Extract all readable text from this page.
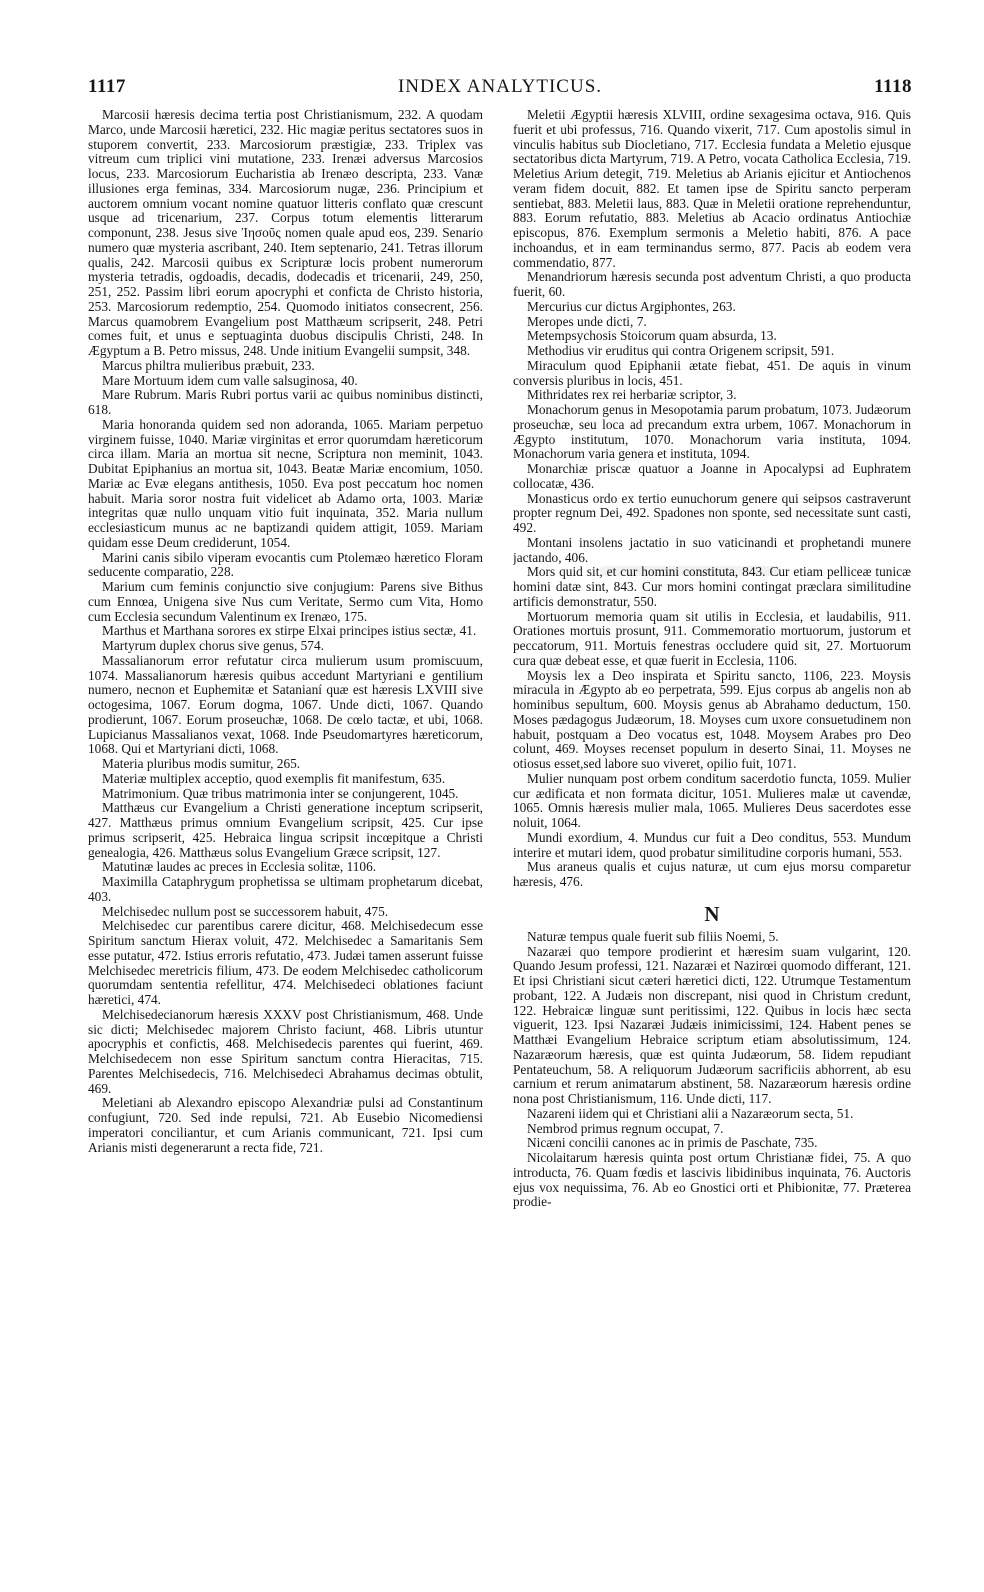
1117	INDEX ANALYTICUS.	1118

Marcosii hæresis decima tertia post Christianismum, 232. A quodam Marco, unde Marcosii hæretici, 232. Hic magiæ peritus sectatores suos in stuporem convertit, 233. Marcosiorum præstigiæ, 233. Triplex vas vitreum cum triplici vini mutatione, 233. Irenæi adversus Marcosios locus, 233. Marcosiorum Eucharistia ab Irenæo descripta, 233. Vanæ illusiones erga feminas, 334. Marcosiorum nugæ, 236. Principium et auctorem omnium vocant nomine quatuor litteris conflato quæ crescunt usque ad tricenarium, 237. Corpus totum elementis litterarum componunt, 238. Jesus sive Ἰησοῦς nomen quale apud eos, 239. Senario numero quæ mysteria ascribant, 240. Item septenario, 241. Tetras illorum qualis, 242. Marcosii quibus ex Scripturæ locis probent numerorum mysteria tetradis, ogdoadis, decadis, dodecadis et tricenarii, 249, 250, 251, 252. Passim libri eorum apocryphi et conficta de Christo historia, 253. Marcosiorum redemptio, 254. Quomodo initiatos consecrent, 256. Marcus quamobrem Evangelium post Matthæum scripserit, 248. Petri comes fuit, et unus e septuaginta duobus discipulis Christi, 248. In Ægyptum a B. Petro missus, 248. Unde initium Evangelii sumpsit, 348.

Marcus philtra mulieribus præbuit, 233.

Mare Mortuum idem cum valle salsuginosa, 40.

Mare Rubrum. Maris Rubri portus varii ac quibus nominibus distincti, 618.

Maria honoranda quidem sed non adoranda, 1065. Mariam perpetuo virginem fuisse, 1040. Mariæ virginitas et error quorumdam hæreticorum circa illam. Maria an mortua sit necne, Scriptura non meminit, 1043. Dubitat Epiphanius an mortua sit, 1043. Beatæ Mariæ encomium, 1050. Mariæ ac Evæ elegans antithesis, 1050. Eva post peccatum hoc nomen habuit. Maria soror nostra fuit videlicet ab Adamo orta, 1003. Mariæ integritas quæ nullo unquam vitio fuit inquinata, 352. Maria nullum ecclesiasticum munus ac ne baptizandi quidem attigit, 1059. Mariam quidam esse Deum crediderunt, 1054.

Marini canis sibilo viperam evocantis cum Ptolemæo hæretico Floram seducente comparatio, 228.

Marium cum feminis conjunctio sive conjugium: Parens sive Bithus cum Ennœa, Unigena sive Nus cum Veritate, Sermo cum Vita, Homo cum Ecclesia secundum Valentinum ex Irenæo, 175.

Marthus et Marthana sorores ex stirpe Elxai principes istius sectæ, 41.

Martyrum duplex chorus sive genus, 574.

Massalianorum error refutatur circa mulierum usum promiscuum, 1074. Massalianorum hæresis quibus accedunt Martyriani e gentilium numero, necnon et Euphemitæ et Satanianí quæ est hæresis LXVIII sive octogesima, 1067. Eorum dogma, 1067. Unde dicti, 1067. Quando prodierunt, 1067. Eorum proseuchæ, 1068. De cœlo tactæ, et ubi, 1068. Lupicianus Massalianos vexat, 1068. Inde Pseudomartyres hæreticorum, 1068. Qui et Martyriani dicti, 1068.

Materia pluribus modis sumitur, 265.

Materiæ multiplex acceptio, quod exemplis fit manifestum, 635.

Matrimonium. Quæ tribus matrimonia inter se conjungerent, 1045.

Matthæus cur Evangelium a Christi generatione inceptum scripserit, 427. Matthæus primus omnium Evangelium scripsit, 425. Cur ipse primus scripserit, 425. Hebraica lingua scripsit incœpitque a Christi genealogia, 426. Matthæus solus Evangelium Græce scripsit, 127.

Matutinæ laudes ac preces in Ecclesia solitæ, 1106.

Maximilla Cataphrygum prophetissa se ultimam prophetarum dicebat, 403.

Melchisedec nullum post se successorem habuit, 475.

Melchisedec cur parentibus carere dicitur, 468. Melchisedecum esse Spiritum sanctum Hierax voluit, 472. Melchisedec a Samaritanis Sem esse putatur, 472. Istius erroris refutatio, 473. Judæi tamen asserunt fuisse Melchisedec meretricis filium, 473. De eodem Melchisedec catholicorum quorumdam sententia refellitur, 474. Melchisedeci oblationes faciunt hæretici, 474.

Melchisedecianorum hæresis XXXV post Christianismum, 468. Unde sic dicti; Melchisedec majorem Christo faciunt, 468. Libris utuntur apocryphis et confictis, 468. Melchisedecis parentes qui fuerint, 469. Melchisedecem non esse Spiritum sanctum contra Hieracitas, 715. Parentes Melchisedecis, 716. Melchisedeci Abrahamus decimas obtulit, 469.

Meletiani ab Alexandro episcopo Alexandriæ pulsi ad Constantinum confugiunt, 720. Sed inde repulsi, 721. Ab Eusebio Nicomediensi imperatori conciliantur, et cum Arianis communicant, 721. Ipsi cum Arianis misti degenerarunt a recta fide, 721.

Meletii Ægyptii hæresis XLVIII, ordine sexagesima octava, 916. Quis fuerit et ubi professus, 716. Quando vixerit, 717. Cum apostolis simul in vinculis habitus sub Diocletiano, 717. Ecclesia fundata a Meletio ejusque sectatoribus dicta Martyrum, 719. A Petro, vocata Catholica Ecclesia, 719. Meletius Arium detegit, 719. Meletius ab Arianis ejicitur et Antiochenos veram fidem docuit, 882. Et tamen ipse de Spiritu sancto perperam sentiebat, 883. Meletii laus, 883. Quæ in Meletii oratione reprehenduntur, 883. Eorum refutatio, 883. Meletius ab Acacio ordinatus Antiochiæ episcopus, 876. Exemplum sermonis a Meletio habiti, 876. A pace inchoandus, et in eam terminandus sermo, 877. Pacis ab eodem vera commendatio, 877.

Menandriorum hæresis secunda post adventum Christi, a quo producta fuerit, 60.

Mercurius cur dictus Argiphontes, 263.

Meropes unde dicti, 7.

Metempsychosis Stoicorum quam absurda, 13.

Methodius vir eruditus qui contra Origenem scripsit, 591.

Miraculum quod Epiphanii ætate fiebat, 451. De aquis in vinum conversis pluribus in locis, 451.

Mithridates rex rei herbariæ scriptor, 3.

Monachorum genus in Mesopotamia parum probatum, 1073. Judæorum proseuchæ, seu loca ad precandum extra urbem, 1067. Monachorum in Ægypto institutum, 1070. Monachorum varia instituta, 1094. Monachorum varia genera et instituta, 1094.

Monarchiæ priscæ quatuor a Joanne in Apocalypsi ad Euphratem collocatæ, 436.

Monasticus ordo ex tertio eunuchorum genere qui seipsos castraverunt propter regnum Dei, 492. Spadones non sponte, sed necessitate sunt casti, 492.

Montani insolens jactatio in suo vaticinandi et prophetandi munere jactando, 406.

Mors quid sit, et cur homini constituta, 843. Cur etiam pelliceæ tunicæ homini datæ sint, 843. Cur mors homini contingat præclara similitudine artificis demonstratur, 550.

Mortuorum memoria quam sit utilis in Ecclesia, et laudabilis, 911. Orationes mortuis prosunt, 911. Commemoratio mortuorum, justorum et peccatorum, 911. Mortuis fenestras occludere quid sit, 27. Mortuorum cura quæ debeat esse, et quæ fuerit in Ecclesia, 1106.

Moysis lex a Deo inspirata et Spiritu sancto, 1106, 223. Moysis miracula in Ægypto ab eo perpetrata, 599. Ejus corpus ab angelis non ab hominibus sepultum, 600. Moysis genus ab Abrahamo deductum, 150. Moses pædagogus Judæorum, 18. Moyses cum uxore consuetudinem non habuit, postquam a Deo vocatus est, 1048. Moysem Arabes pro Deo colunt, 469. Moyses recenset populum in deserto Sinai, 11. Moyses ne otiosus esset,sed labore suo viveret, opilio fuit, 1071.

Mulier nunquam post orbem conditum sacerdotio functa, 1059. Mulier cur ædificata et non formata dicitur, 1051. Mulieres malæ ut cavendæ, 1065. Omnis hæresis mulier mala, 1065. Mulieres Deus sacerdotes esse noluit, 1064.

Mundi exordium, 4. Mundus cur fuit a Deo conditus, 553. Mundum interire et mutari idem, quod probatur similitudine corporis humani, 553.

Mus araneus qualis et cujus naturæ, ut cum ejus morsu comparetur hæresis, 476.

N

Naturæ tempus quale fuerit sub filiis Noemi, 5.

Nazaræi quo tempore prodierint et hæresim suam vulgarint, 120. Quando Jesum professi, 121. Nazaræi et Nazirœi quomodo differant, 121. Et ipsi Christiani sicut cæteri hæretici dicti, 122. Utrumque Testamentum probant, 122. A Judæis non discrepant, nisi quod in Christum credunt, 122. Hebraicæ linguæ sunt peritissimi, 122. Quibus in locis hæc secta viguerit, 123. Ipsi Nazaræi Judæis inimicissimi, 124. Habent penes se Matthæi Evangelium Hebraice scriptum etiam absolutissimum, 124. Nazaræorum hæresis, quæ est quinta Judæorum, 58. Iidem repudiant Pentateuchum, 58. A reliquorum Judæorum sacrificiis abhorrent, ab esu carnium et rerum animatarum abstinent, 58. Nazaræorum hæresis ordine nona post Christianismum, 116. Unde dicti, 117.

Nazareni iidem qui et Christiani alii a Nazaræorum secta, 51.

Nembrod primus regnum occupat, 7.

Nicæni concilii canones ac in primis de Paschate, 735.

Nicolaitarum hæresis quinta post ortum Christianæ fidei, 75. A quo introducta, 76. Quam fœdis et lascivis libidinibus inquinata, 76. Auctoris ejus vox nequissima, 76. Ab eo Gnostici orti et Phibionitæ, 77. Præterea prodie-
